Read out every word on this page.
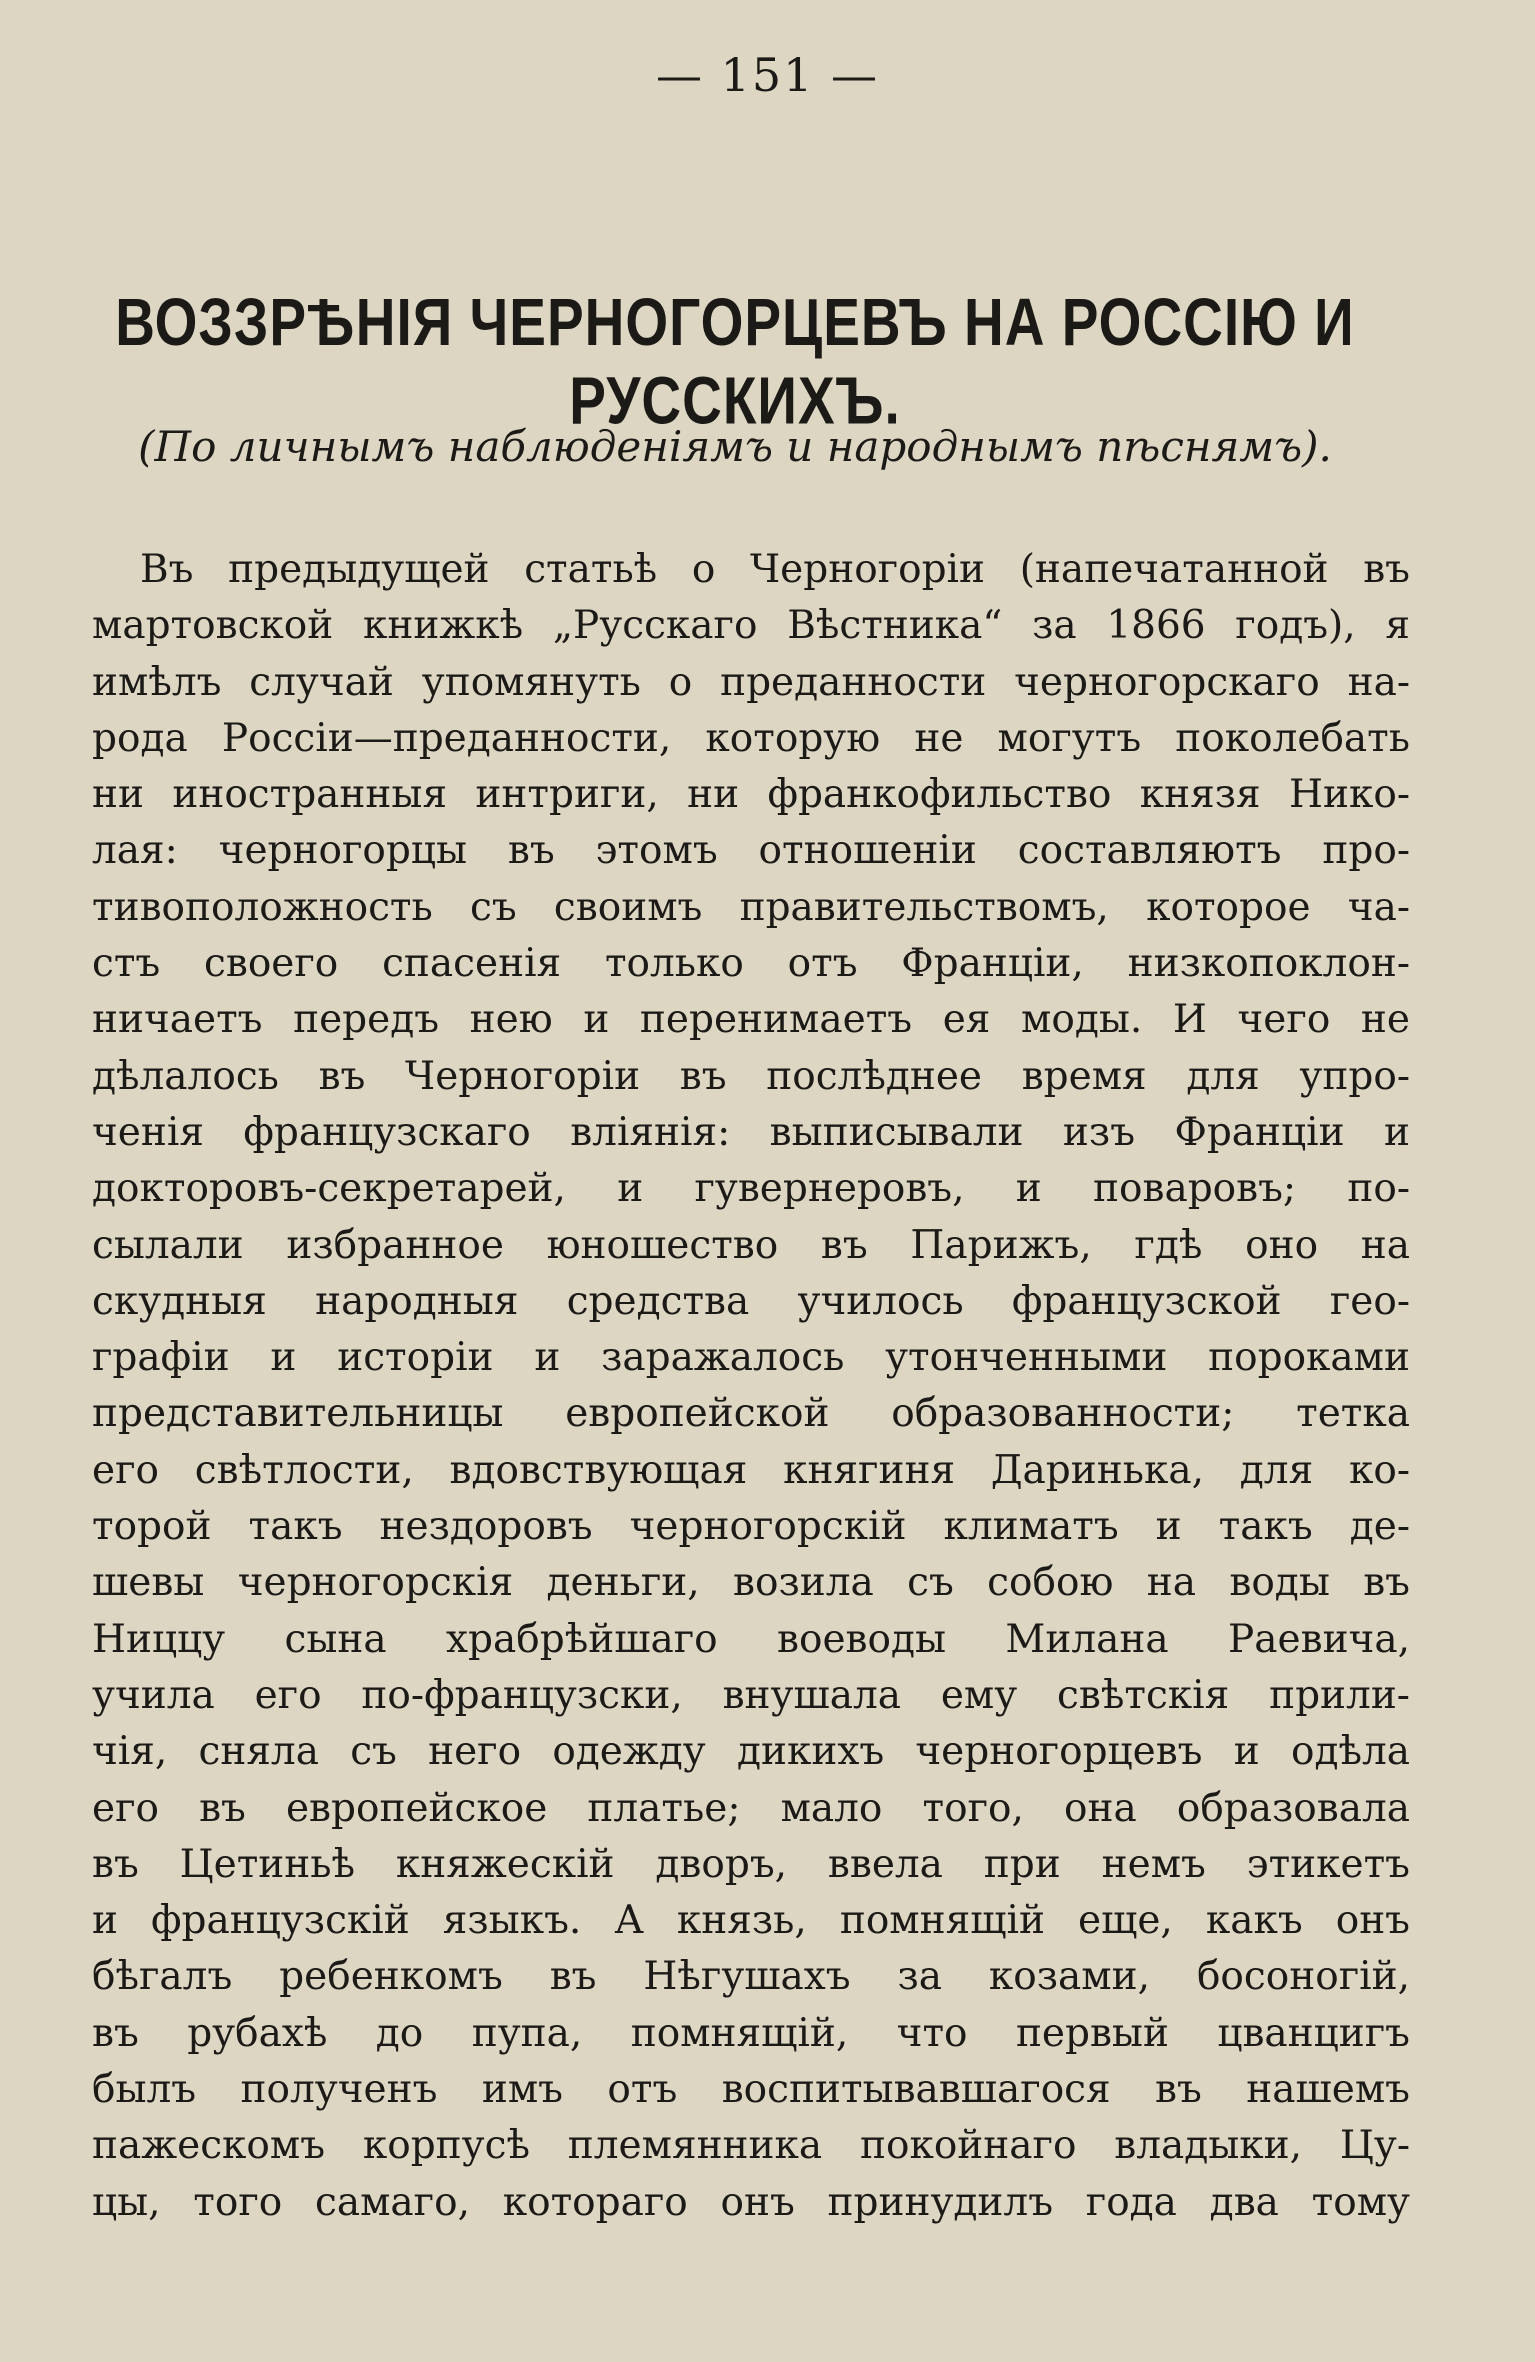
— 151 —
ВОЗЗРѢНІЯ ЧЕРНОГОРЦЕВЪ НА РОССІЮ И РУССКИХЪ.
(По личнымъ наблюденіямъ и народнымъ пѣснямъ).
Въ предыдущей статьѣ о Черногоріи (напечатанной въ
мартовской книжкѣ „Русскаго Вѣстника“ за 1866 годъ), я
имѣлъ случай упомянуть о преданности черногорскаго на-
рода Россіи—преданности, которую не могутъ поколебать
ни иностранныя интриги, ни франкофильство князя Нико-
лая: черногорцы въ этомъ отношеніи составляютъ про-
тивоположность съ своимъ правительствомъ, которое ча-
стъ своего спасенія только отъ Франціи, низкопоклон-
ничаетъ передъ нею и перенимаетъ ея моды. И чего не
дѣлалось въ Черногоріи въ послѣднее время для упро-
ченія французскаго вліянія: выписывали изъ Франціи и
докторовъ-секретарей, и гувернеровъ, и поваровъ; по-
сылали избранное юношество въ Парижъ, гдѣ оно на
скудныя народныя средства училось французской гео-
графіи и исторіи и заражалось утонченными пороками
представительницы европейской образованности; тетка
его свѣтлости, вдовствующая княгиня Даринька, для ко-
торой такъ нездоровъ черногорскій климатъ и такъ де-
шевы черногорскія деньги, возила съ собою на воды въ
Ниццу сына храбрѣйшаго воеводы Милана Раевича,
учила его по-французски, внушала ему свѣтскія прили-
чія, сняла съ него одежду дикихъ черногорцевъ и одѣла
его въ европейское платье; мало того, она образовала
въ Цетиньѣ княжескій дворъ, ввела при немъ этикетъ
и французскій языкъ. А князь, помнящій еще, какъ онъ
бѣгалъ ребенкомъ въ Нѣгушахъ за козами, босоногій,
въ рубахѣ до пупа, помнящій, что первый цванцигъ
былъ полученъ имъ отъ воспитывавшагося въ нашемъ
пажескомъ корпусѣ племянника покойнаго владыки, Цу-
цы, того самаго, котораго онъ принудилъ года два тому
